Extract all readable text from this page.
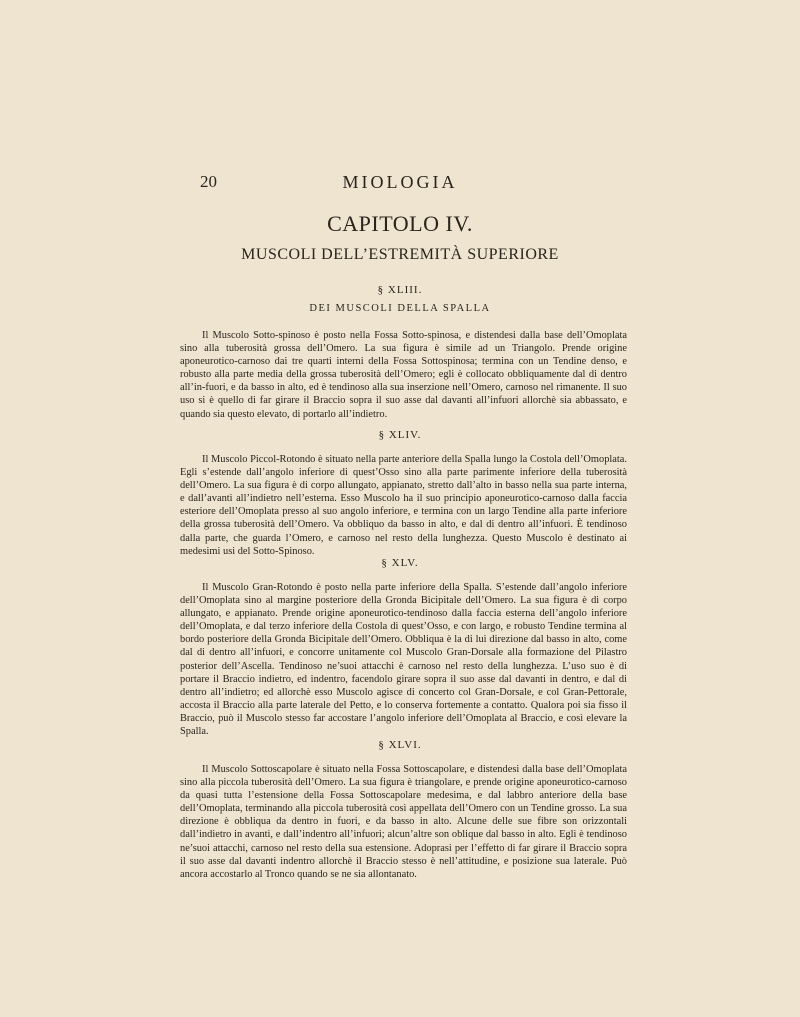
20	MIOLOGIA
CAPITOLO IV.
MUSCOLI DELL’ESTREMITÀ SUPERIORE
§ XLIII.
DEI MUSCOLI DELLA SPALLA

Il Muscolo Sotto-spinoso è posto nella Fossa Sotto-spinosa, e distendesi dalla base dell’Omoplata sino alla tuberosità grossa dell’Omero. La sua figura è simile ad un Triangolo. Prende origine aponeurotico-carnoso dai tre quarti interni della Fossa Sottospinosa; termina con un Tendine denso, e robusto alla parte media della grossa tuberosità dell’Omero; egli è collocato obbliquamente dal di dentro all’in-fuori, e da basso in alto, ed è tendinoso alla sua inserzione nell’Omero, carnoso nel rimanente. Il suo uso si è quello di far girare il Braccio sopra il suo asse dal davanti all’infuori allorchè sia abbassato, e quando sia questo elevato, di portarlo all’indietro.

§ XLIV.

Il Muscolo Piccol-Rotondo è situato nella parte anteriore della Spalla lungo la Costola dell’Omoplata. Egli s’estende dall’angolo inferiore di quest’Osso sino alla parte parimente inferiore della tuberosità dell’Omero. La sua figura è di corpo allungato, appianato, stretto dall’alto in basso nella sua parte interna, e dall’avanti all’indietro nell’esterna. Esso Muscolo ha il suo principio aponeurotico-carnoso dalla faccia esteriore dell’Omoplata presso al suo angolo inferiore, e termina con un largo Tendine alla parte inferiore della grossa tuberosità dell’Omero. Va obbliquo da basso in alto, e dal di dentro all’infuori. È tendinoso dalla parte, che guarda l’Omero, e carnoso nel resto della lunghezza. Questo Muscolo è destinato ai medesimi usi del Sotto-Spinoso.

§ XLV.

Il Muscolo Gran-Rotondo è posto nella parte inferiore della Spalla. S’estende dall’angolo inferiore dell’Omoplata sino al margine posteriore della Gronda Bicipitale dell’Omero. La sua figura è di corpo allungato, e appianato. Prende origine aponeurotico-tendinoso dalla faccia esterna dell’angolo inferiore dell’Omoplata, e dal terzo inferiore della Costola di quest’Osso, e con largo, e robusto Tendine termina al bordo posteriore della Gronda Bicipitale dell’Omero. Obbliqua è la di lui direzione dal basso in alto, come dal di dentro all’infuori, e concorre unitamente col Muscolo Gran-Dorsale alla formazione del Pilastro posterior dell’Ascella. Tendinoso ne’suoi attacchi è carnoso nel resto della lunghezza. L’uso suo è di portare il Braccio indietro, ed indentro, facendolo girare sopra il suo asse dal davanti in dentro, e dal di dentro all’indietro; ed allorchè esso Muscolo agisce di concerto col Gran-Dorsale, e col Gran-Pettorale, accosta il Braccio alla parte laterale del Petto, e lo conserva fortemente a contatto. Qualora poi sia fisso il Braccio, può il Muscolo stesso far accostare l’angolo inferiore dell’Omoplata al Braccio, e così elevare la Spalla.

§ XLVI.

Il Muscolo Sottoscapolare è situato nella Fossa Sottoscapolare, e distendesi dalla base dell’Omoplata sino alla piccola tuberosità dell’Omero. La sua figura è triangolare, e prende origine aponeurotico-carnoso da quasi tutta l’estensione della Fossa Sottoscapolare medesima, e dal labbro anteriore della base dell’Omoplata, terminando alla piccola tuberosità così appellata dell’Omero con un Tendine grosso. La sua direzione è obbliqua da dentro in fuori, e da basso in alto. Alcune delle sue fibre son orizzontali dall’indietro in avanti, e dall’indentro all’infuori; alcun’altre son oblique dal basso in alto. Egli è tendinoso ne’suoi attacchi, carnoso nel resto della sua estensione. Adoprasi per l’effetto di far girare il Braccio sopra il suo asse dal davanti indentro allorchè il Braccio stesso è nell’attitudine, e posizione sua laterale. Può ancora accostarlo al Tronco quando se ne sia allontanato.
